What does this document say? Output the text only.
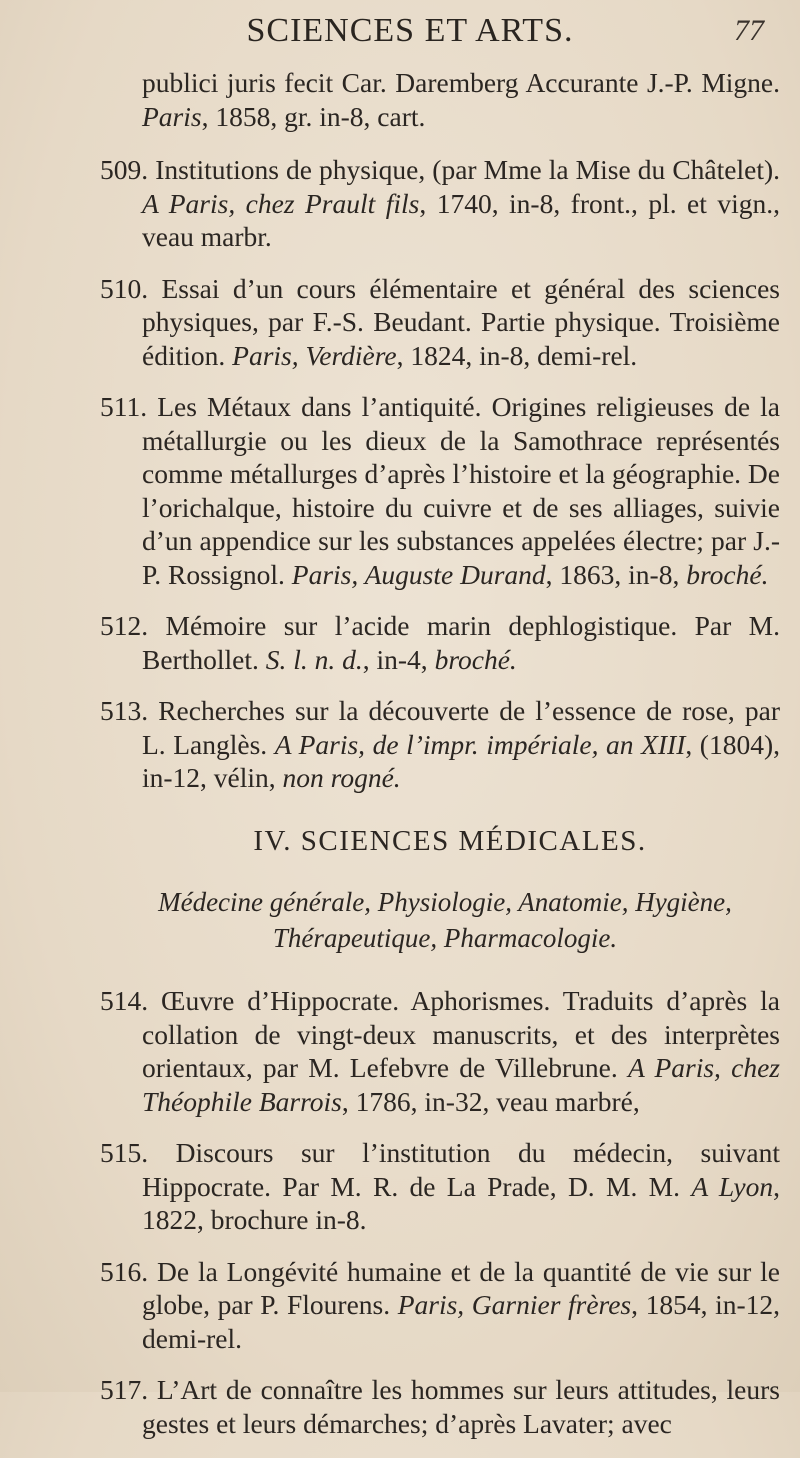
SCIENCES ET ARTS.	77

publici juris fecit Car. Daremberg Accurante J.-P. Migne. Paris, 1858, gr. in-8, cart.

509. Institutions de physique, (par Mme la Mise du Châtelet). A Paris, chez Prault fils, 1740, in-8, front., pl. et vign., veau marbr.

510. Essai d’un cours élémentaire et général des sciences physiques, par F.-S. Beudant. Partie physique. Troisième édition. Paris, Verdière, 1824, in-8, demi-rel.

511. Les Métaux dans l’antiquité. Origines religieuses de la métallurgie ou les dieux de la Samothrace représentés comme métallurges d’après l’histoire et la géographie. De l’orichalque, histoire du cuivre et de ses alliages, suivie d’un appendice sur les substances appelées électre; par J.-P. Rossignol. Paris, Auguste Durand, 1863, in-8, broché.

512. Mémoire sur l’acide marin dephlogistique. Par M. Berthollet. S. l. n. d., in-4, broché.

513. Recherches sur la découverte de l’essence de rose, par L. Langlès. A Paris, de l’impr. impériale, an XIII, (1804), in-12, vélin, non rogné.

IV. SCIENCES MÉDICALES.
Médecine générale, Physiologie, Anatomie, Hygiène,
Thérapeutique, Pharmacologie.

514. Œuvre d’Hippocrate. Aphorismes. Traduits d’après la collation de vingt-deux manuscrits, et des interprètes orientaux, par M. Lefebvre de Villebrune. A Paris, chez Théophile Barrois, 1786, in-32, veau marbré,

515. Discours sur l’institution du médecin, suivant Hippocrate. Par M. R. de La Prade, D. M. M. A Lyon, 1822, brochure in-8.

516. De la Longévité humaine et de la quantité de vie sur le globe, par P. Flourens. Paris, Garnier frères, 1854, in-12, demi-rel.

517. L’Art de connaître les hommes sur leurs attitudes, leurs gestes et leurs démarches; d’après Lavater; avec
